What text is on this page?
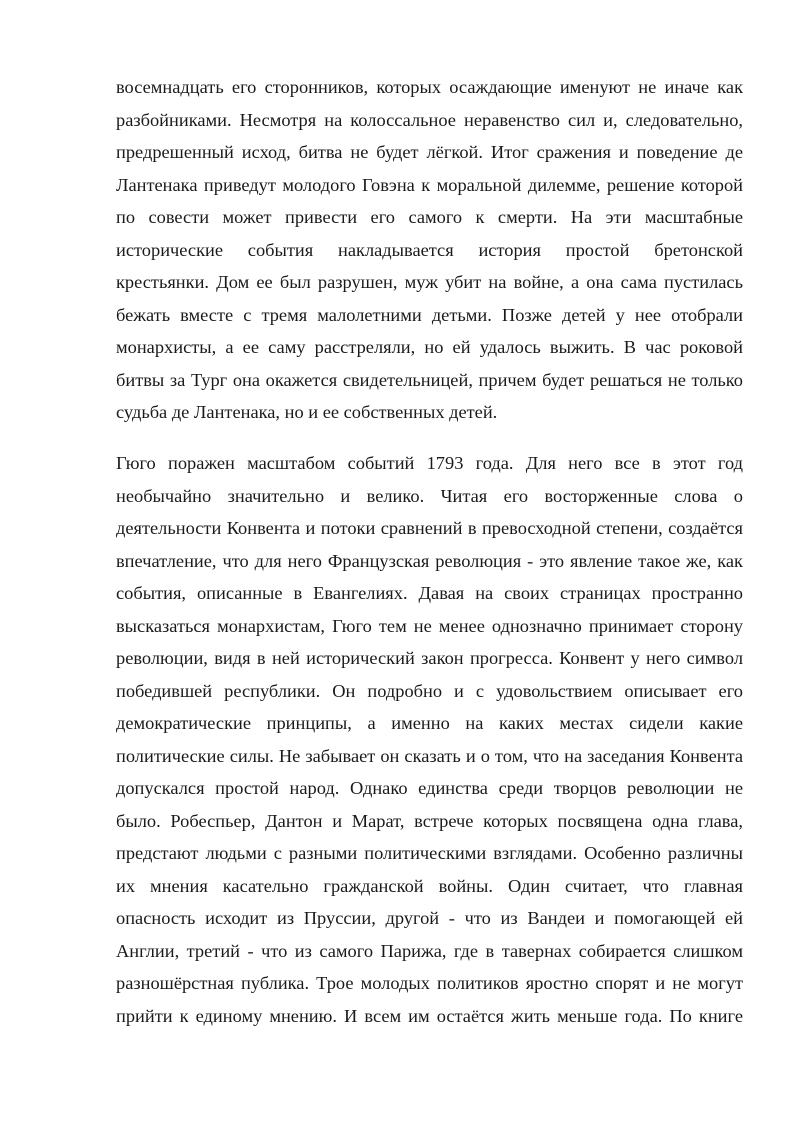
восемнадцать его сторонников, которых осаждающие именуют не иначе как
разбойниками. Несмотря на колоссальное неравенство сил и, следовательно,
предрешенный исход, битва не будет лёгкой. Итог сражения и поведение де
Лантенака приведут молодого Говэна к моральной дилемме, решение которой
по совести может привести его самого к смерти. На эти масштабные
исторические события накладывается история простой бретонской
крестьянки. Дом ее был разрушен, муж убит на войне, а она сама пустилась
бежать вместе с тремя малолетними детьми. Позже детей у нее отобрали
монархисты, а ее саму расстреляли, но ей удалось выжить. В час роковой
битвы за Тург она окажется свидетельницей, причем будет решаться не только
судьба де Лантенака, но и ее собственных детей.
Гюго поражен масштабом событий 1793 года. Для него все в этот год
необычайно значительно и велико. Читая его восторженные слова о
деятельности Конвента и потоки сравнений в превосходной степени, создаётся
впечатление, что для него Французская революция - это явление такое же, как
события, описанные в Евангелиях. Давая на своих страницах пространно
высказаться монархистам, Гюго тем не менее однозначно принимает сторону
революции, видя в ней исторический закон прогресса. Конвент у него символ
победившей республики. Он подробно и с удовольствием описывает его
демократические принципы, а именно на каких местах сидели какие
политические силы. Не забывает он сказать и о том, что на заседания Конвента
допускался простой народ. Однако единства среди творцов революции не
было. Робеспьер, Дантон и Марат, встрече которых посвящена одна глава,
предстают людьми с разными политическими взглядами. Особенно различны
их мнения касательно гражданской войны. Один считает, что главная
опасность исходит из Пруссии, другой - что из Вандеи и помогающей ей
Англии, третий - что из самого Парижа, где в тавернах собирается слишком
разношёрстная публика. Трое молодых политиков яростно спорят и не могут
прийти к единому мнению. И всем им остаётся жить меньше года. По книге
